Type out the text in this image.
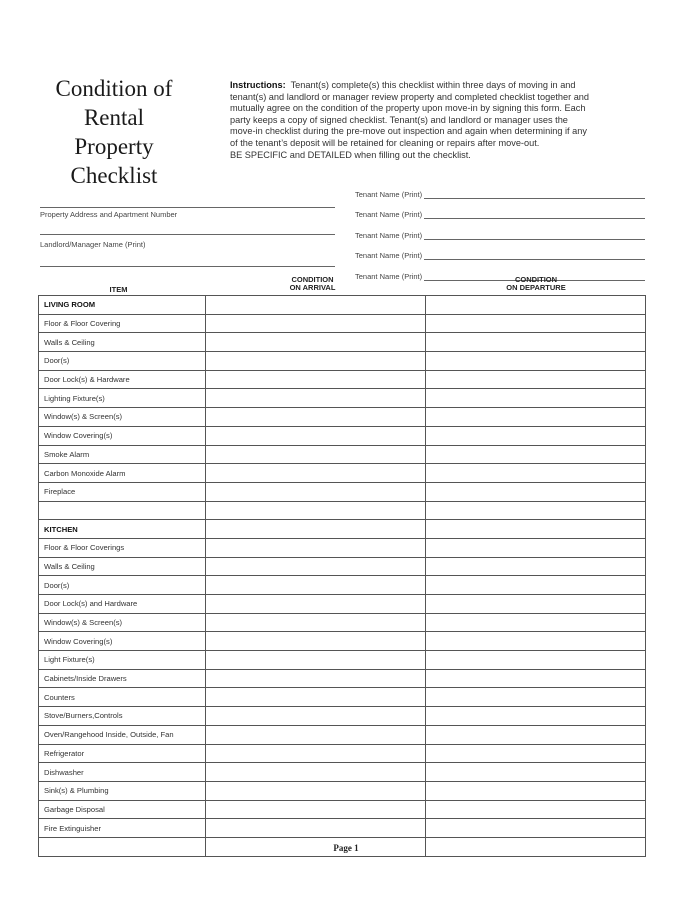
Condition of
Rental
Property
Checklist
Instructions: Tenant(s) complete(s) this checklist within three days of moving in and
tenant(s) and landlord or manager review property and completed checklist together and
mutually agree on the condition of the property upon move-in by signing this form. Each
party keeps a copy of signed checklist. Tenant(s) and landlord or manager uses the
move-in checklist during the pre-move out inspection and again when determining if any
of the tenant’s deposit will be retained for cleaning or repairs after move-out.
BE SPECIFIC and DETAILED when filling out the checklist.
Tenant Name (Print)
Tenant Name (Print)
Tenant Name (Print)
Tenant Name (Print)
Tenant Name (Print)
Property Address and Apartment Number
Landlord/Manager Name (Print)
ITEM
CONDITION
ON ARRIVAL
CONDITION
ON DEPARTURE
LIVING ROOM		
Floor & Floor Covering		
Walls & Ceiling		
Door(s)		
Door Lock(s) & Hardware		
Lighting Fixture(s)		
Window(s) & Screen(s)		
Window Covering(s)		
Smoke Alarm		
Carbon Monoxide Alarm		
Fireplace		

KITCHEN		
Floor & Floor Coverings		
Walls & Ceiling		
Door(s)		
Door Lock(s) and Hardware		
Window(s) & Screen(s)		
Window Covering(s)		
Light Fixture(s)		
Cabinets/Inside Drawers		
Counters		
Stove/Burners,Controls		
Oven/Rangehood Inside, Outside, Fan		
Refrigerator		
Dishwasher		
Sink(s) & Plumbing		
Garbage Disposal		
Fire Extinguisher		

Page 1
